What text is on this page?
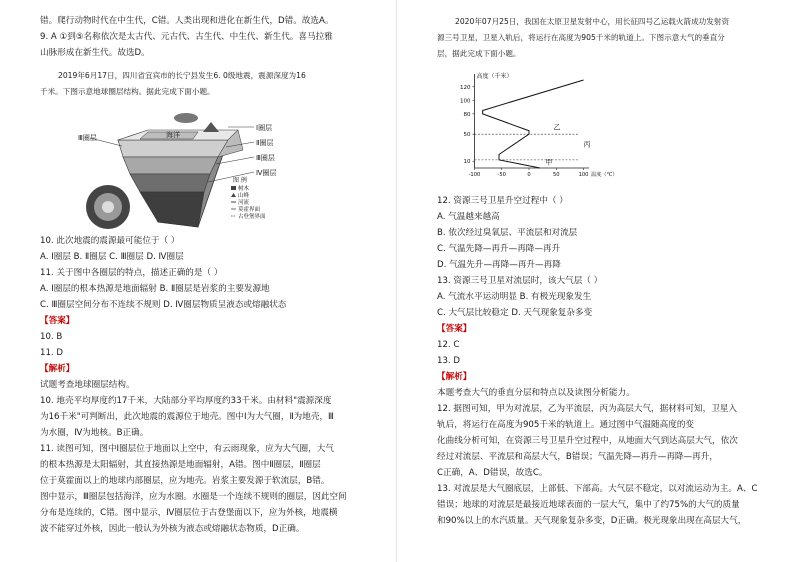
错。爬行动物时代在中生代，C错。人类出现和进化在新生代，D错。故选A。
9. A ①到⑤名称依次是太古代、元古代、古生代、中生代、新生代。喜马拉雅
山脉形成在新生代。故选D。
2019年6月17日，四川省宜宾市的长宁县发生6. 0级地震，震源深度为16
千米。下图示意地球圈层结构。据此完成下面小题。
海洋
Ⅰ圈层
Ⅱ圈层
Ⅲ圈层
Ⅳ圈层
Ⅲ圈层
图 例
树木
山峰
河流
莫霍界面
古登堡界面
10. 此次地震的震源最可能位于（ ）
A. Ⅰ圈层 B. Ⅱ圈层 C. Ⅲ圈层 D. Ⅳ圈层
11. 关于图中各圈层的特点，描述正确的是（ ）
A. Ⅰ圈层的根本热源是地面辐射 B. Ⅱ圈层是岩浆的主要发源地
C. Ⅲ圈层空间分布不连续不规则 D. Ⅳ圈层物质呈液态或熔融状态
【答案】
10. B
11. D
【解析】
试题考查地球圈层结构。
10. 地壳平均厚度约17千米，大陆部分平均厚度约33千米。由材料"震源深度
为16千米"可判断出，此次地震的震源位于地壳。图中Ⅰ为大气圈，Ⅱ为地壳，Ⅲ
为水圈，Ⅳ为地核。B正确。
11. 读图可知，图中Ⅰ圈层位于地面以上空中，有云雨现象，应为大气圈，大气
的根本热源是太阳辐射，其直接热源是地面辐射，A错。图中Ⅱ圈层，Ⅱ圈层
位于莫霍面以上的地球内部圈层，应为地壳。岩浆主要发源于软流层，B错。
图中显示，Ⅲ圈层包括海洋，应为水圈。水圈是一个连续不规则的圈层，因此空间
分布是连续的，C错。图中显示，Ⅳ圈层位于古登堡面以下，应为外核，地震横
波不能穿过外核，因此一般认为外核为液态或熔融状态物质，D正确。
2020年07月25日，我国在太原卫星发射中心，用长征四号乙运载火箭成功发射资
源三号卫星，卫星入轨后，将运行在高度为905千米的轨道上。下图示意大气的垂直分
层，据此完成下面小题。
高度（千米）
10
50
80
100
120
-100	-50	0	50	100 温度（℃）
丙
乙
甲
12. 资源三号卫星升空过程中（ ）
A. 气温越来越高
B. 依次经过臭氧层、平流层和对流层
C. 气温先降—再升—再降—再升
D. 气温先升—再降—再升—再降
13. 资源三号卫星对流层时，该大气层（ ）
A. 气流水平运动明显 B. 有极光现象发生
C. 大气层比较稳定 D. 天气现象复杂多变
【答案】
12. C
13. D
【解析】
本题考查大气的垂直分层和特点以及读图分析能力。
12. 据图可知，甲为对流层，乙为平流层，丙为高层大气，据材料可知，卫星入
轨后，将运行在高度为905千米的轨道上。通过图中气温随高度的变
化曲线分析可知，在资源三号卫星升空过程中，从地面大气到达高层大气，依次
经过对流层、平流层和高层大气，B错误；气温先降—再升—再降—再升，
C正确，A、D错误，故选C。
13. 对流层是大气圈底层，上部低、下部高。大气层不稳定，以对流运动为主。A、C
错误；地球的对流层是最接近地球表面的一层大气，集中了约75%的大气的质量
和90%以上的水汽质量。天气现象复杂多变，D正确。极光现象出现在高层大气，
